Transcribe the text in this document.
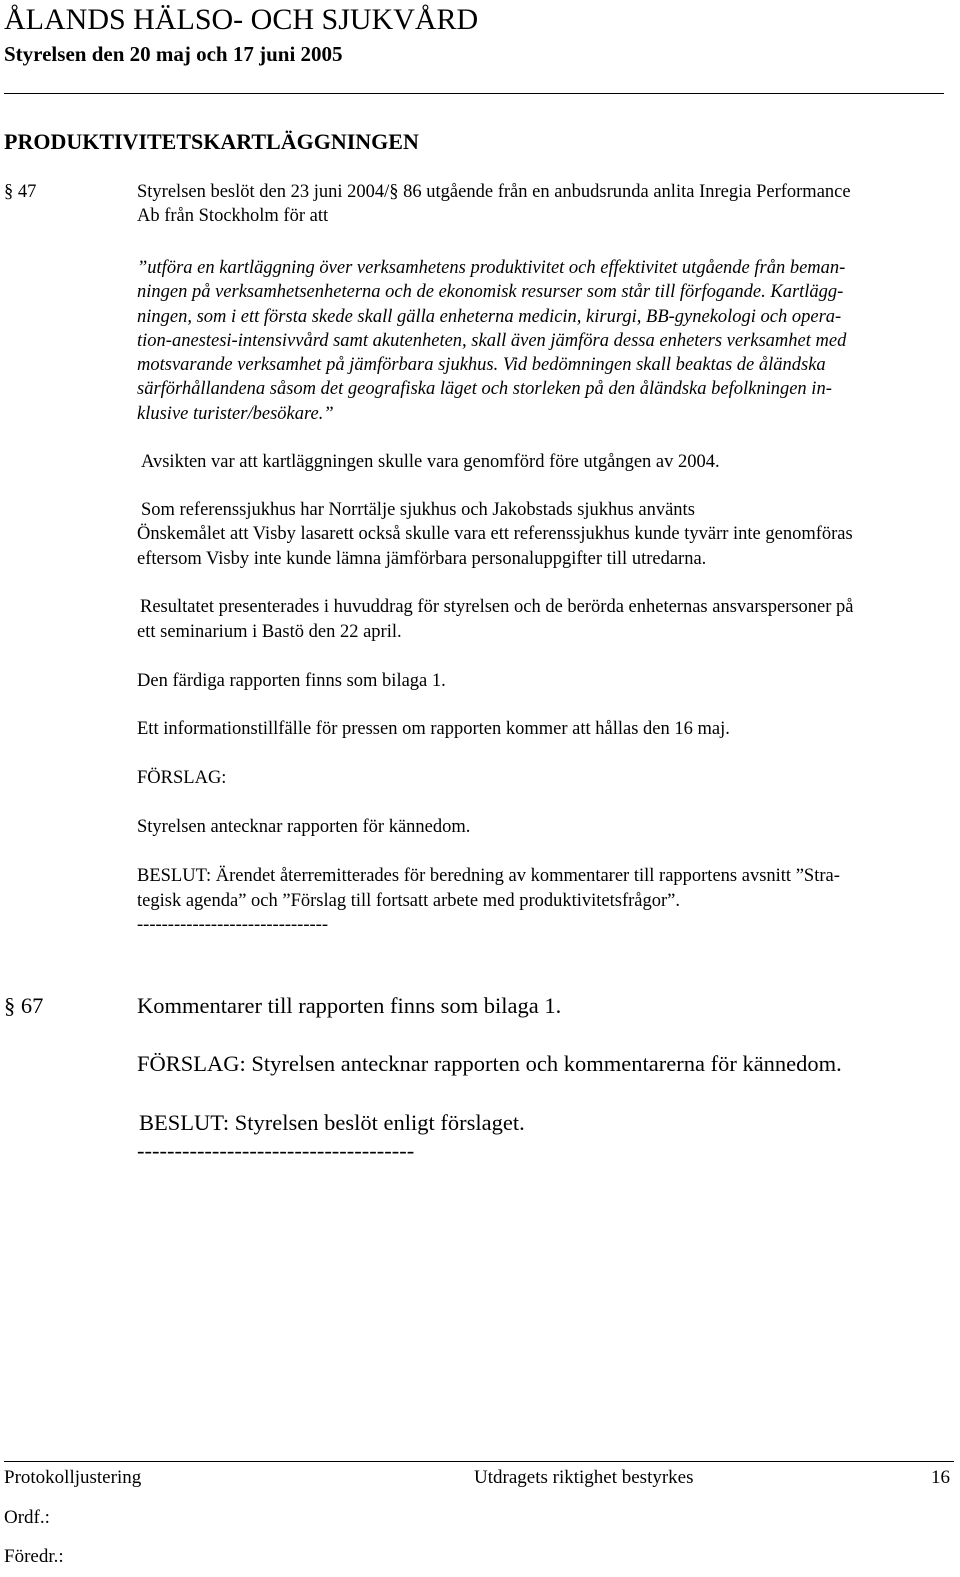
ÅLANDS HÄLSO- OCH SJUKVÅRD
Styrelsen den 20 maj och 17 juni 2005
PRODUKTIVITETSKARTLÄGGNINGEN
§ 47	Styrelsen beslöt den 23 juni 2004/§ 86 utgående från en anbudsrunda anlita Inregia Performance
Ab från Stockholm för att
”utföra en kartläggning över verksamhetens produktivitet och effektivitet utgående från beman-
ningen på verksamhetsenheterna och de ekonomisk resurser som står till förfogande. Kartlägg-
ningen, som i ett första skede skall gälla enheterna medicin, kirurgi, BB-gynekologi och opera-
tion-anestesi-intensivvård samt akutenheten, skall även jämföra dessa enheters verksamhet med
motsvarande verksamhet på jämförbara sjukhus. Vid bedömningen skall beaktas de åländska
särförhållandena såsom det geografiska läget och storleken på den åländska befolkningen in-
klusive turister/besökare.”
Avsikten var att kartläggningen skulle vara genomförd före utgången av 2004.
Som referenssjukhus har Norrtälje sjukhus och Jakobstads sjukhus använts
Önskemålet att Visby lasarett också skulle vara ett referenssjukhus kunde tyvärr inte genomföras
eftersom Visby inte kunde lämna jämförbara personaluppgifter till utredarna.
Resultatet presenterades i huvuddrag för styrelsen och de berörda enheternas ansvarspersoner på
ett seminarium i Bastö den 22 april.
Den färdiga rapporten finns som bilaga 1.
Ett informationstillfälle för pressen om rapporten kommer att hållas den 16 maj.
FÖRSLAG:
Styrelsen antecknar rapporten för kännedom.
BESLUT: Ärendet återremitterades för beredning av kommentarer till rapportens avsnitt ”Stra-
tegisk agenda” och ”Förslag till fortsatt arbete med produktivitetsfrågor”.
-------------------------------
§ 67	Kommentarer till rapporten finns som bilaga 1.
FÖRSLAG: Styrelsen antecknar rapporten och kommentarerna för kännedom.
BESLUT: Styrelsen beslöt enligt förslaget.
-------------------------------------
Protokolljustering	Utdragets riktighet bestyrkes	16
Ordf.:
Föredr.:
